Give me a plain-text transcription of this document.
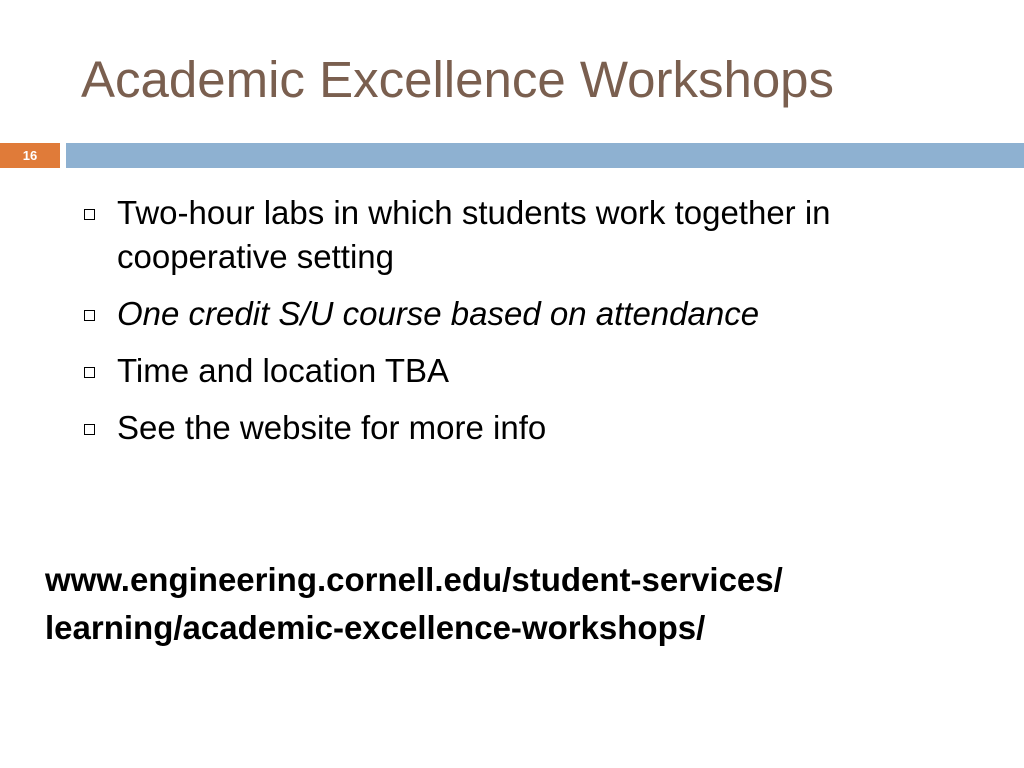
Academic Excellence Workshops
16
Two-hour labs in which students work together in cooperative setting
One credit S/U course based on attendance
Time and location TBA
See the website for more info
www.engineering.cornell.edu/student-services/
learning/academic-excellence-workshops/
